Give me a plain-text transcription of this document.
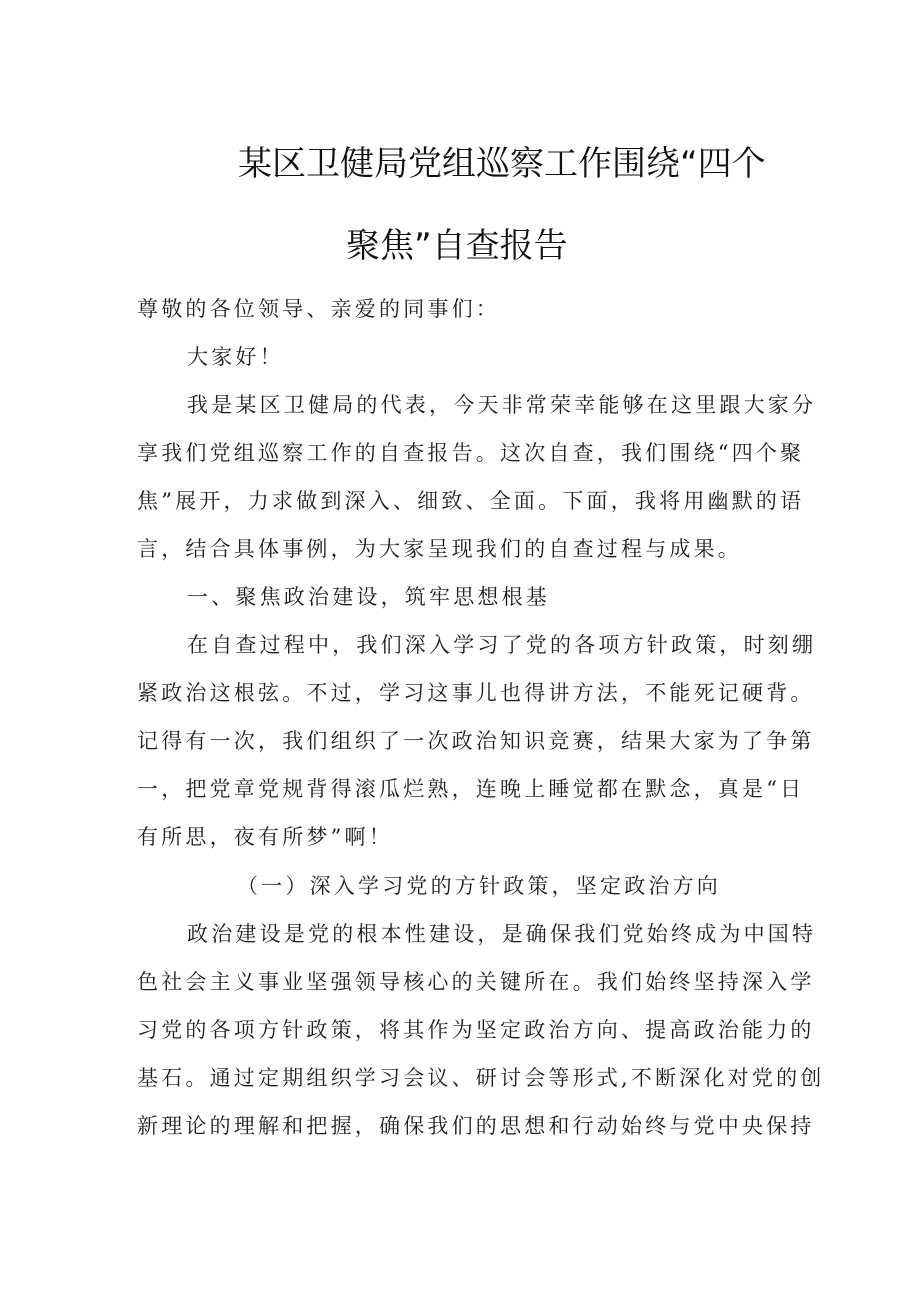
某区卫健局党组巡察工作围绕“四个
聚焦”自查报告
尊敬的各位领导、亲爱的同事们：
大家好！
我是某区卫健局的代表，今天非常荣幸能够在这里跟大家分
享我们党组巡察工作的自查报告。这次自查，我们围绕“四个聚
焦”展开，力求做到深入、细致、全面。下面，我将用幽默的语
言，结合具体事例，为大家呈现我们的自查过程与成果。
一、聚焦政治建设，筑牢思想根基
在自查过程中，我们深入学习了党的各项方针政策，时刻绷
紧政治这根弦。不过，学习这事儿也得讲方法，不能死记硬背。
记得有一次，我们组织了一次政治知识竞赛，结果大家为了争第
一，把党章党规背得滚瓜烂熟，连晚上睡觉都在默念，真是“日
有所思，夜有所梦”啊！
（一）深入学习党的方针政策，坚定政治方向
政治建设是党的根本性建设，是确保我们党始终成为中国特
色社会主义事业坚强领导核心的关键所在。我们始终坚持深入学
习党的各项方针政策，将其作为坚定政治方向、提高政治能力的
基石。通过定期组织学习会议、研讨会等形式,不断深化对党的创
新理论的理解和把握，确保我们的思想和行动始终与党中央保持
